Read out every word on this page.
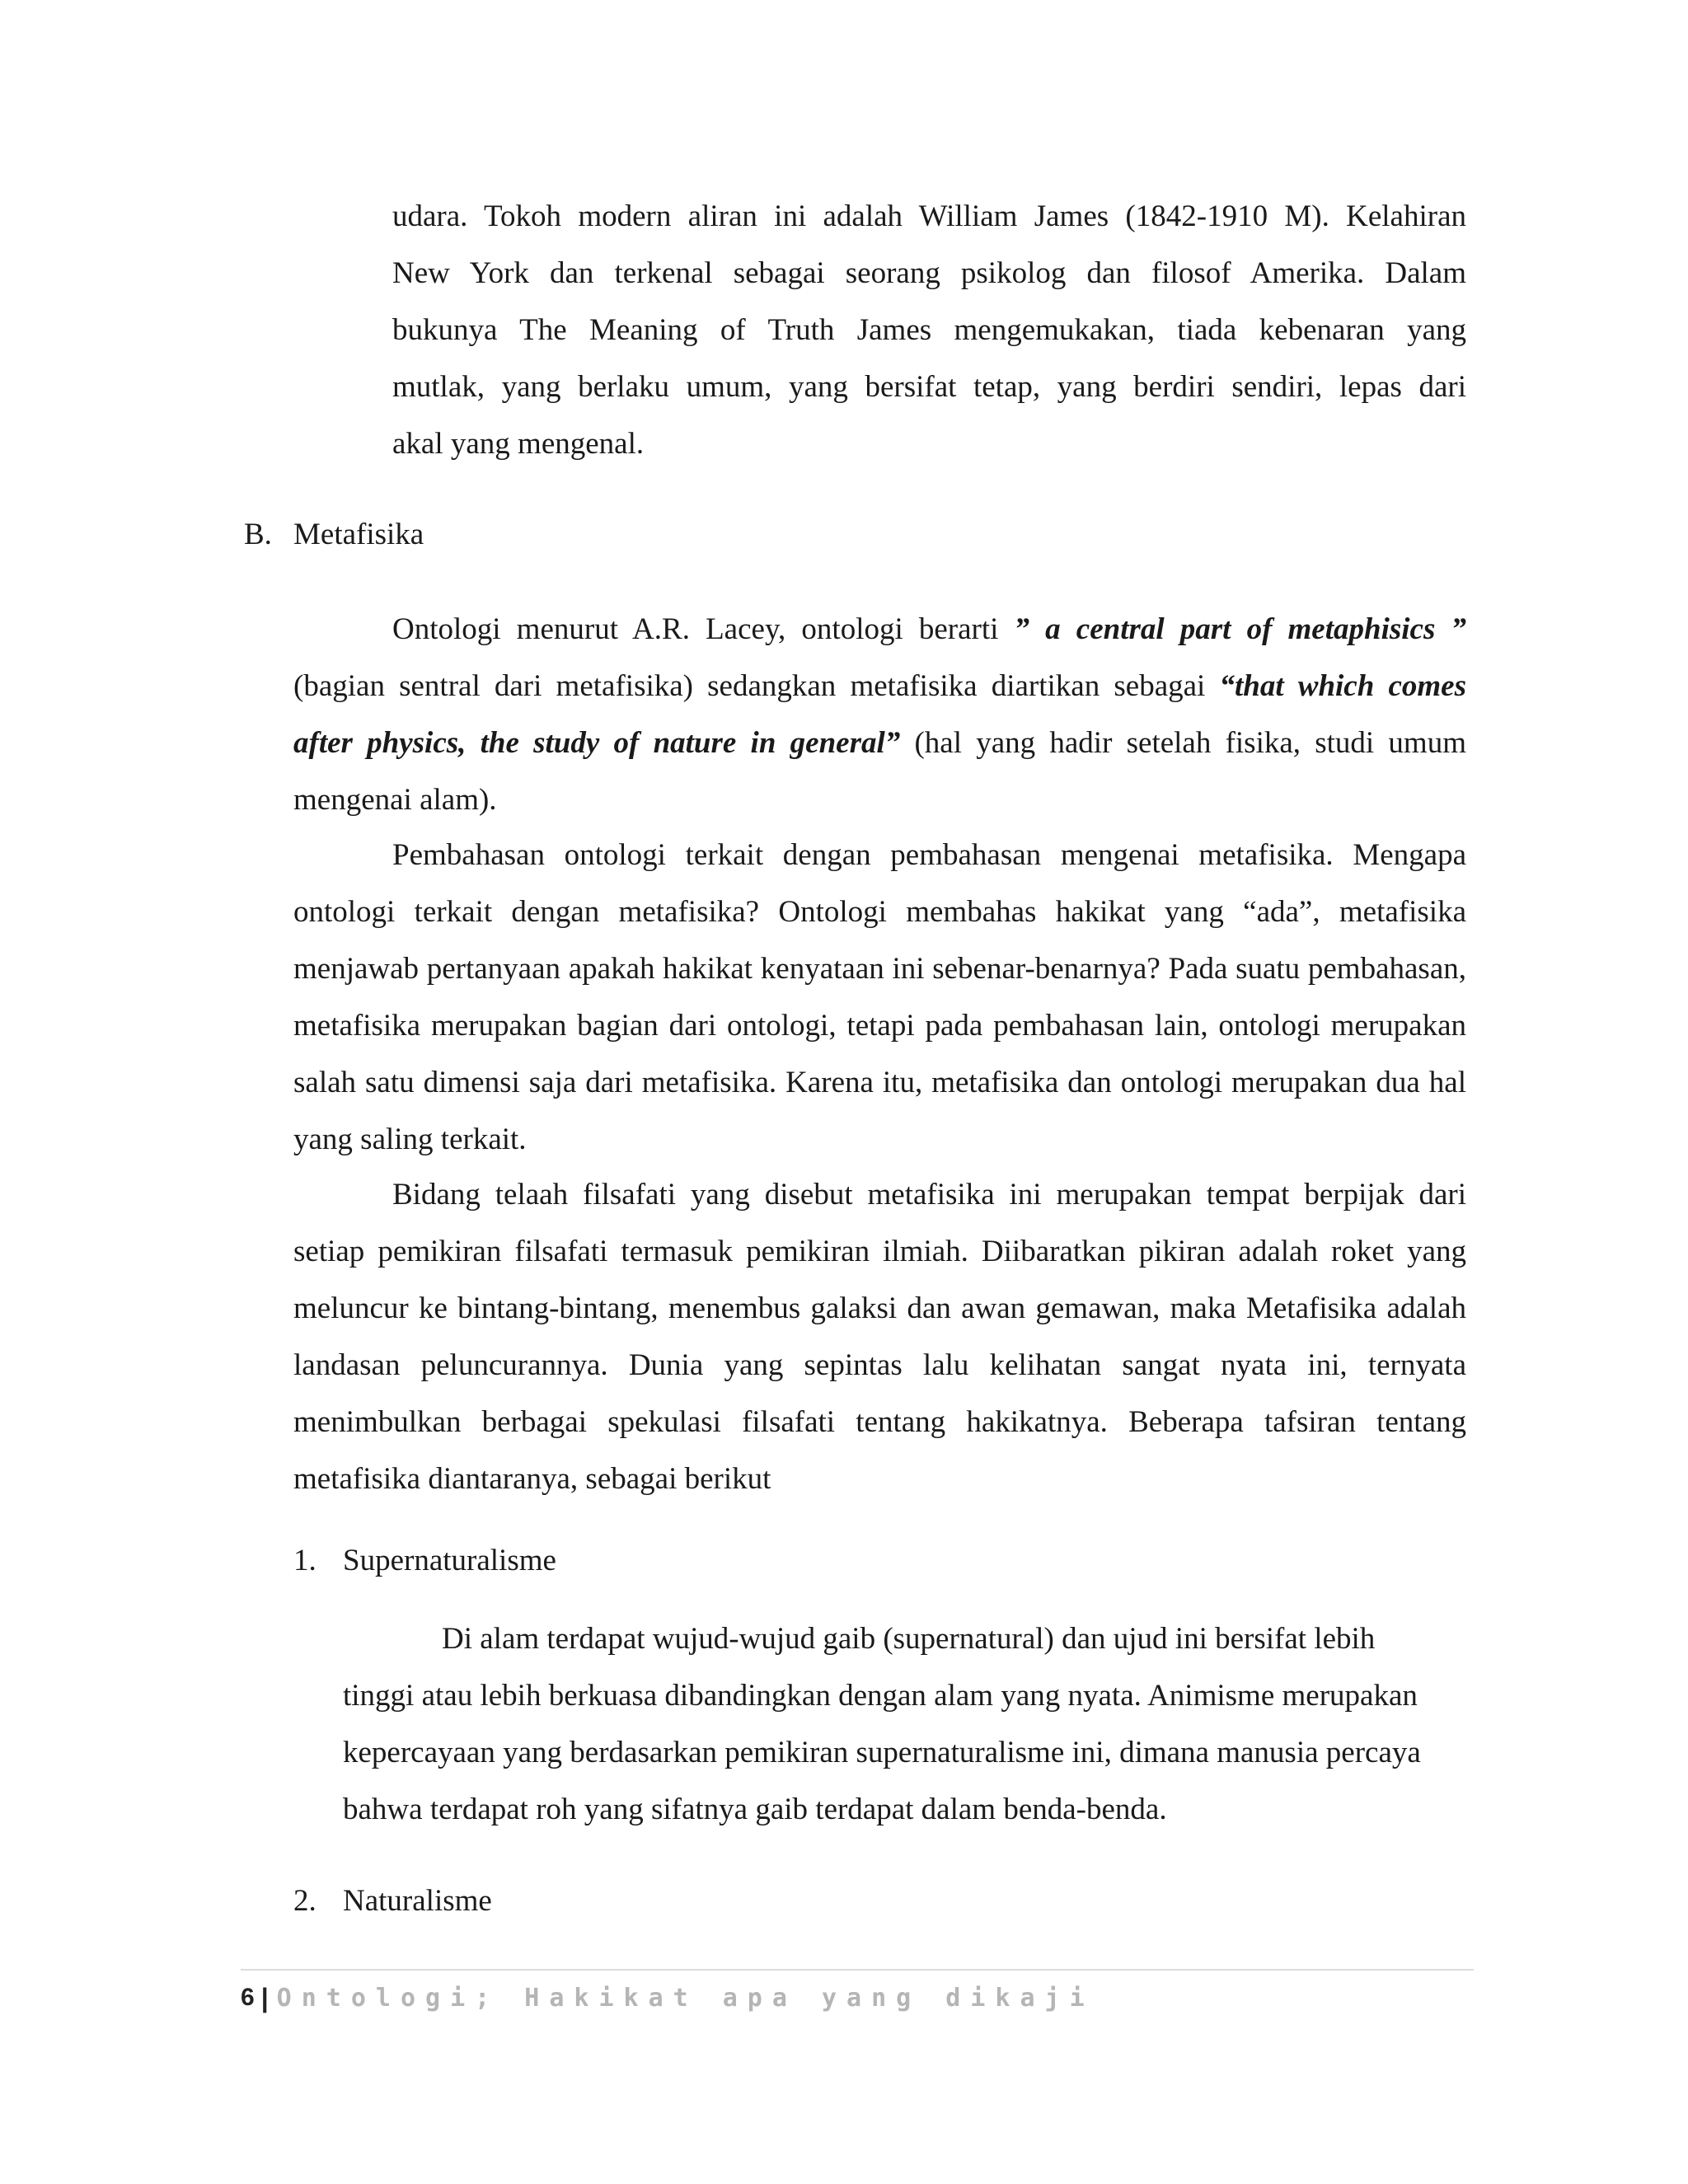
udara. Tokoh modern aliran ini adalah William James (1842-1910 M). Kelahiran
New York dan terkenal sebagai seorang psikolog dan filosof Amerika. Dalam
bukunya The Meaning of Truth James mengemukakan, tiada kebenaran yang
mutlak, yang berlaku umum, yang bersifat tetap, yang berdiri sendiri, lepas dari
akal yang mengenal.
B. Metafisika

Ontologi menurut A.R. Lacey, ontologi berarti ” a central part of metaphisics ” (bagian sentral dari metafisika) sedangkan metafisika diartikan sebagai “that which comes after physics, the study of nature in general” (hal yang hadir setelah fisika, studi umum mengenai alam).

Pembahasan ontologi terkait dengan pembahasan mengenai metafisika. Mengapa ontologi terkait dengan metafisika? Ontologi membahas hakikat yang “ada”, metafisika menjawab pertanyaan apakah hakikat kenyataan ini sebenar-benarnya? Pada suatu pembahasan, metafisika merupakan bagian dari ontologi, tetapi pada pembahasan lain, ontologi merupakan salah satu dimensi saja dari metafisika. Karena itu, metafisika dan ontologi merupakan dua hal yang saling terkait.

Bidang telaah filsafati yang disebut metafisika ini merupakan tempat berpijak dari setiap pemikiran filsafati termasuk pemikiran ilmiah. Diibaratkan pikiran adalah roket yang meluncur ke bintang-bintang, menembus galaksi dan awan gemawan, maka Metafisika adalah landasan peluncurannya. Dunia yang sepintas lalu kelihatan sangat nyata ini, ternyata menimbulkan berbagai spekulasi filsafati tentang hakikatnya. Beberapa tafsiran tentang metafisika diantaranya, sebagai berikut

1. Supernaturalisme

Di alam terdapat wujud-wujud gaib (supernatural) dan ujud ini bersifat lebih tinggi atau lebih berkuasa dibandingkan dengan alam yang nyata. Animisme merupakan kepercayaan yang berdasarkan pemikiran supernaturalisme ini, dimana manusia percaya bahwa terdapat roh yang sifatnya gaib terdapat dalam benda-benda.

2. Naturalisme
6 | Ontologi; Hakikat apa yang dikaji
